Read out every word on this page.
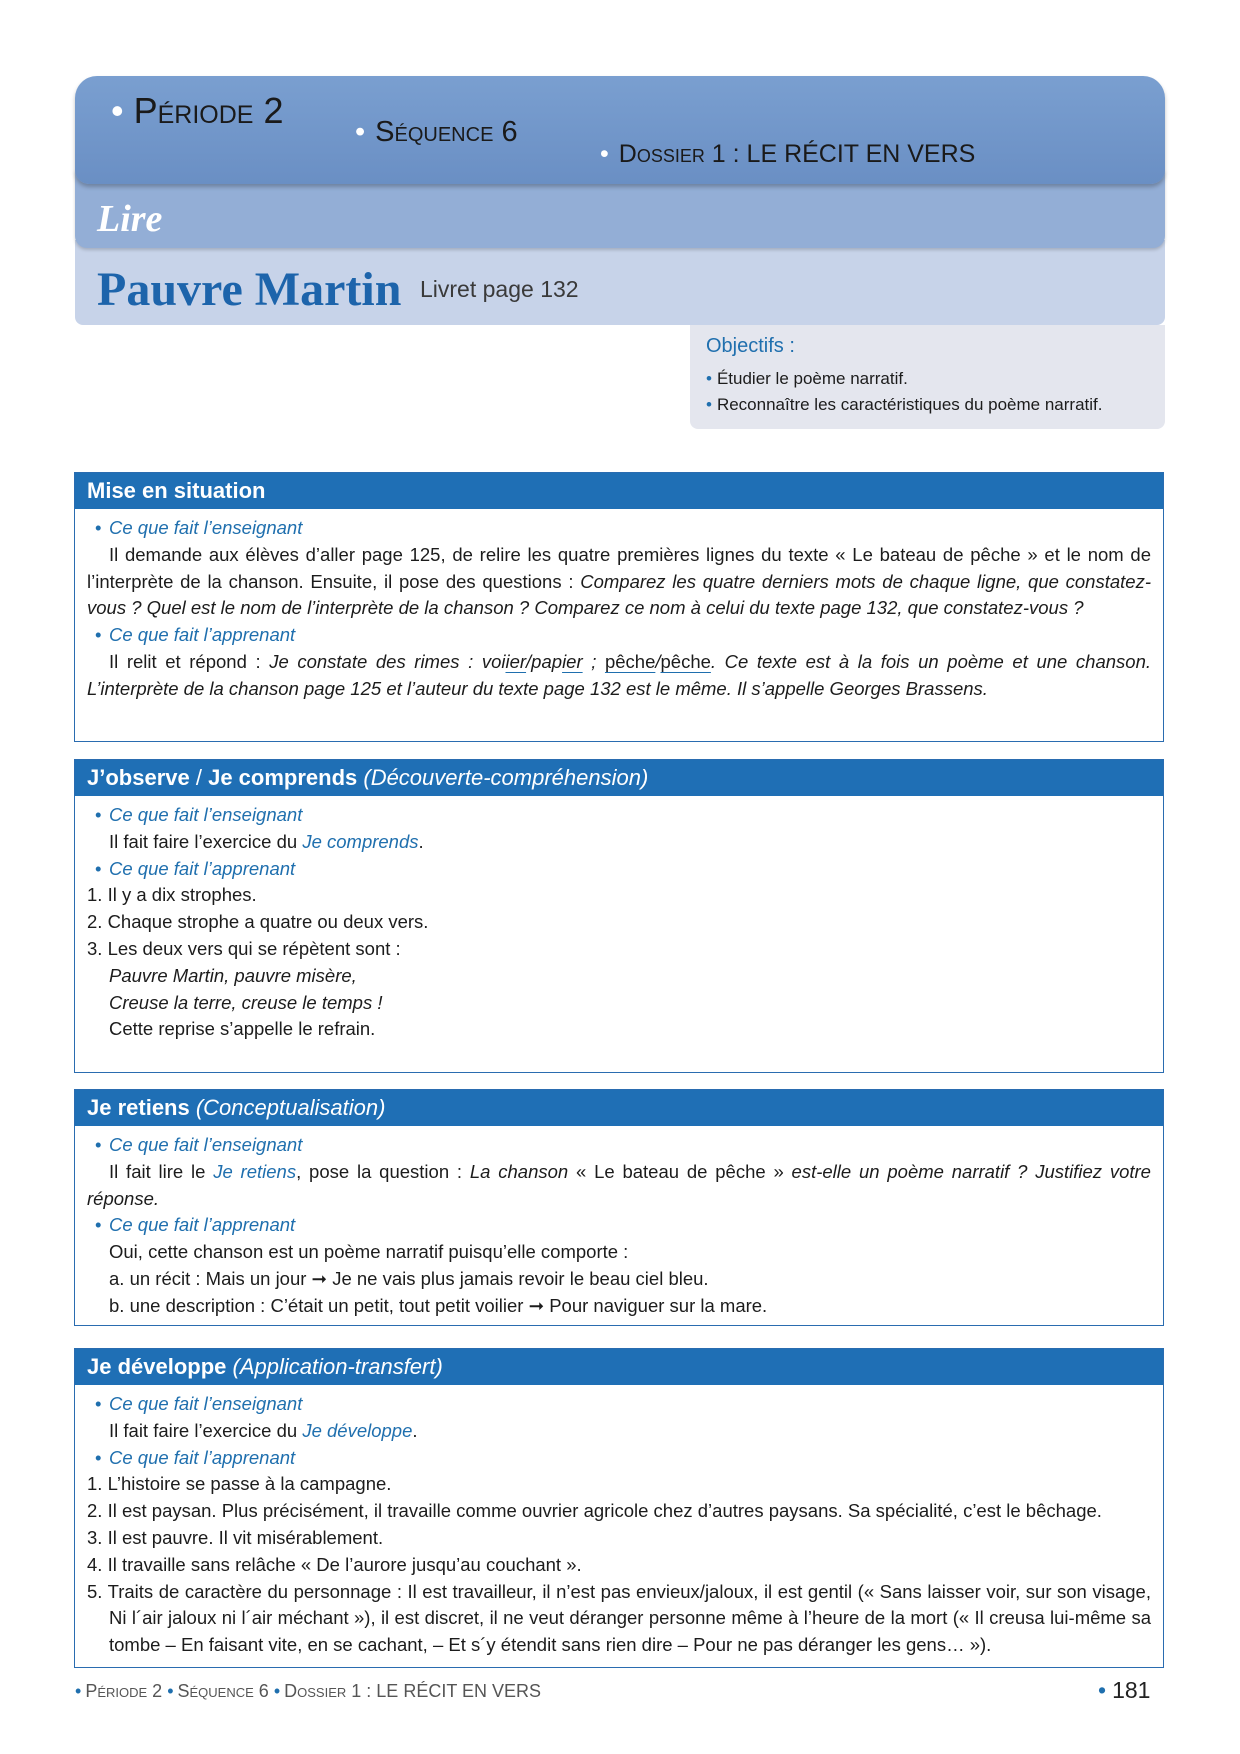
• Période 2
• Séquence 6
• Dossier 1 : LE RÉCIT EN VERS
Lire
Pauvre Martin Livret page 132
Objectifs :
• Étudier le poème narratif.
• Reconnaître les caractéristiques du poème narratif.
Mise en situation
• Ce que fait l’enseignant
Il demande aux élèves d’aller page 125, de relire les quatre premières lignes du texte « Le bateau de pêche » et le nom de l’interprète de la chanson. Ensuite, il pose des questions : Comparez les quatre derniers mots de chaque ligne, que constatez-vous ? Quel est le nom de l’interprète de la chanson ? Comparez ce nom à celui du texte page 132, que constatez-vous ?
• Ce que fait l’apprenant
Il relit et répond : Je constate des rimes : voiier/papier ; pêche/pêche. Ce texte est à la fois un poème et une chanson. L’interprète de la chanson page 125 et l’auteur du texte page 132 est le même. Il s’appelle Georges Brassens.
J’observe / Je comprends (Découverte-compréhension)
• Ce que fait l’enseignant
Il fait faire l’exercice du Je comprends.
• Ce que fait l’apprenant
1. Il y a dix strophes.
2. Chaque strophe a quatre ou deux vers.
3. Les deux vers qui se répètent sont :
Pauvre Martin, pauvre misère,
Creuse la terre, creuse le temps !
Cette reprise s’appelle le refrain.
Je retiens (Conceptualisation)
• Ce que fait l’enseignant
Il fait lire le Je retiens, pose la question : La chanson « Le bateau de pêche » est-elle un poème narratif ? Justifiez votre réponse.
• Ce que fait l’apprenant
Oui, cette chanson est un poème narratif puisqu’elle comporte :
a. un récit : Mais un jour ➞ Je ne vais plus jamais revoir le beau ciel bleu.
b. une description : C’était un petit, tout petit voilier ➞ Pour naviguer sur la mare.
Je développe (Application-transfert)
• Ce que fait l’enseignant
Il fait faire l’exercice du Je développe.
• Ce que fait l’apprenant
1. L’histoire se passe à la campagne.
2. Il est paysan. Plus précisément, il travaille comme ouvrier agricole chez d’autres paysans. Sa spécialité, c’est le bêchage.
3. Il est pauvre. Il vit misérablement.
4. Il travaille sans relâche « De l’aurore jusqu’au couchant ».
5. Traits de caractère du personnage : Il est travailleur, il n’est pas envieux/jaloux, il est gentil (« Sans laisser voir, sur son visage, Ni l´air jaloux ni l´air méchant »), il est discret, il ne veut déranger personne même à l’heure de la mort (« Il creusa lui-même sa tombe – En faisant vite, en se cachant, – Et s´y étendit sans rien dire – Pour ne pas déranger les gens… »).
• Période 2 • Séquence 6 • Dossier 1 : LE RÉCIT EN VERS	• 181
